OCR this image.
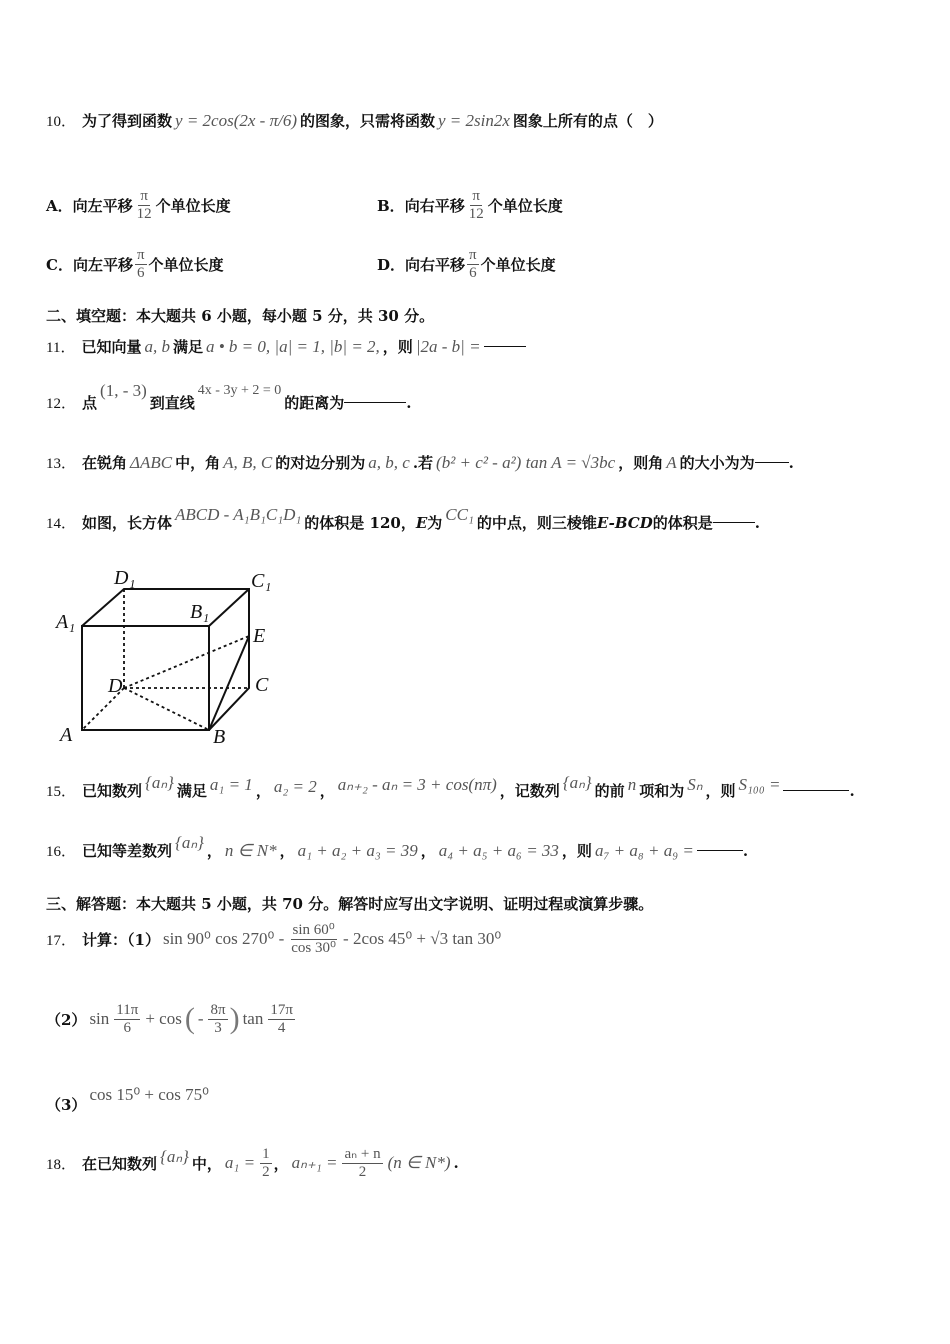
10． 为了得到函数 y = 2cos(2x - π/6) 的图象，只需将函数 y = 2sin2x 图象上所有的点（　）
A． 向左平移 $\frac{\pi}{12}$ 个单位长度	B． 向右平移 $\frac{\pi}{12}$ 个单位长度
C． 向左平移 $\frac{\pi}{6}$ 个单位长度	D． 向右平移 $\frac{\pi}{6}$ 个单位长度
二、填空题：本大题共 6 小题，每小题 5 分，共 30 分。
11． 已知向量 a, b 满足 a • b = 0, |a| = 1, |b| = 2, ，则 |2a - b| =
12． 点
(1, - 3)
到直线
4x - 3y + 2 = 0
的距离为	.
13． 在锐角 ΔABC 中，角 A, B, C 的对边分别为 a, b, c .若 (b² + c² - a²) tan A = √3bc ，则角 A 的大小为为 .
14． 如图，长方体 ABCD - A₁B₁C₁D₁ 的体积是 120， E 为 CC₁ 的中点，则三棱锥 E-BCD 的体积是	.
D₁	C₁
A₁	B₁
E
D	C
A	B
15． 已知数列 {aₙ} 满足 a₁ = 1 ， a₂ = 2 ， aₙ₊₂ - aₙ = 3 + cos(nπ) ，记数列 {aₙ} 的前 n 项和为 Sₙ ，则 S₁₀₀ =	.
16． 已知等差数列 {aₙ} ， n ∈ N* ， a₁ + a₂ + a₃ = 39 ， a₄ + a₅ + a₆ = 33 ，则 a₇ + a₈ + a₉ =	.
三、解答题：本大题共 5 小题，共 70 分。解答时应写出文字说明、证明过程或演算步骤。
17． 计算：（1） sin 90⁰ $\cos 270^0 - \frac{\text{sin 60⁰}}{\text{cos 30⁰}} - 2\cos$ 45⁰ + √3 tan 30⁰
（2） $\sin \frac{11\pi}{6} + \cos$ ( - $\frac{8\pi}{3}$ ) $\tan \frac{17\pi}{4}$
（3）
cos 15⁰ + cos 75⁰
18． 在已知数列 {aₙ} 中， $a_1 = \frac{1}{2}$ ， $a_{n+1} = \frac{\text{aₙ + n}}{2} (n$ ∈ N*) .
